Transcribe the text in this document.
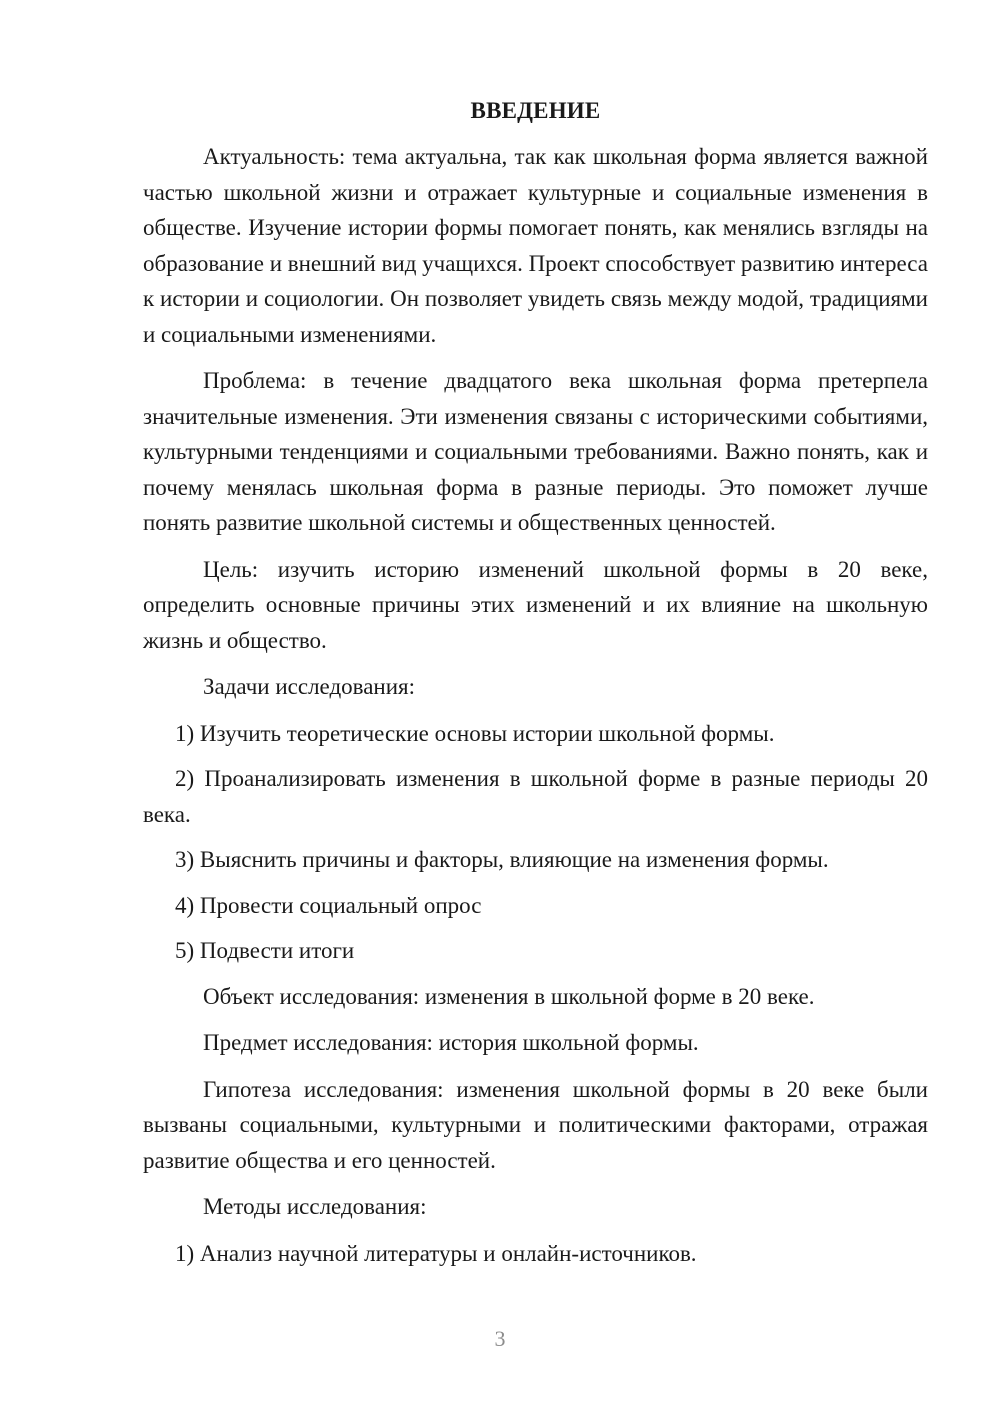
ВВЕДЕНИЕ

Актуальность: тема актуальна, так как школьная форма является важной частью школьной жизни и отражает культурные и социальные изменения в обществе. Изучение истории формы помогает понять, как менялись взгляды на образование и внешний вид учащихся. Проект способствует развитию интереса к истории и социологии. Он позволяет увидеть связь между модой, традициями и социальными изменениями.

Проблема: в течение двадцатого века школьная форма претерпела значительные изменения. Эти изменения связаны с историческими событиями, культурными тенденциями и социальными требованиями. Важно понять, как и почему менялась школьная форма в разные периоды. Это поможет лучше понять развитие школьной системы и общественных ценностей.

Цель: изучить историю изменений школьной формы в 20 веке, определить основные причины этих изменений и их влияние на школьную жизнь и общество.

Задачи исследования:

1) Изучить теоретические основы истории школьной формы.

2) Проанализировать изменения в школьной форме в разные периоды 20 века.

3) Выяснить причины и факторы, влияющие на изменения формы.

4) Провести социальный опрос

5) Подвести итоги

Объект исследования: изменения в школьной форме в 20 веке.

Предмет исследования: история школьной формы.

Гипотеза исследования: изменения школьной формы в 20 веке были вызваны социальными, культурными и политическими факторами, отражая развитие общества и его ценностей.

Методы исследования:

1) Анализ научной литературы и онлайн-источников.

3
